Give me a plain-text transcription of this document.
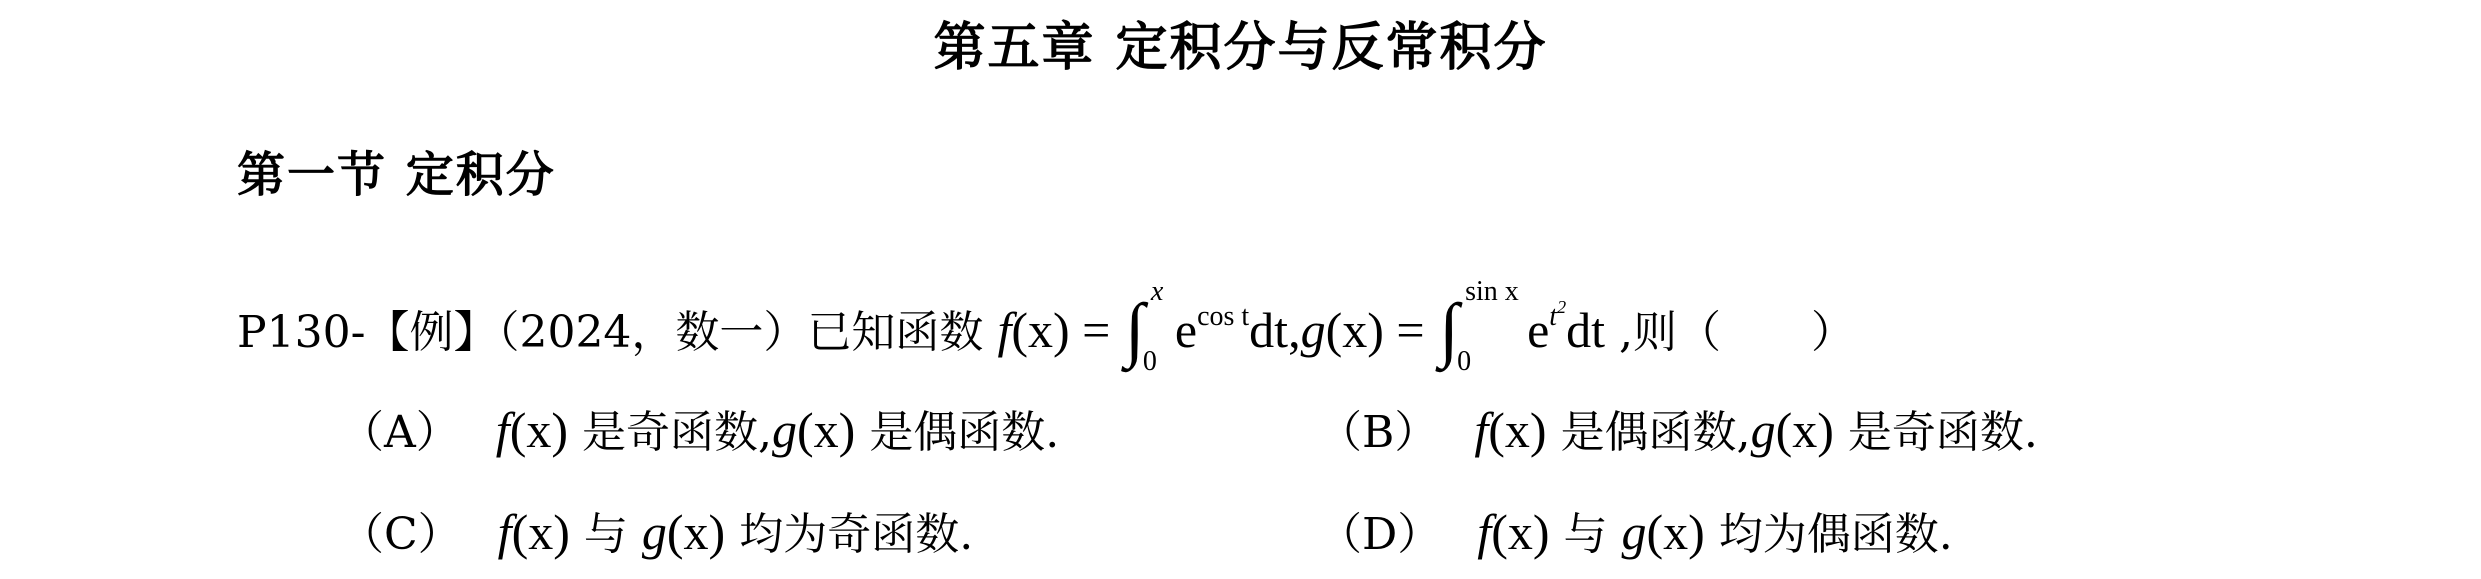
第五章 定积分与反常积分
第一节 定积分
P130-【例】（2024，数一）已知函数 f(x) = ∫ x
0
$e^{cos t}dt,g(x)$ = ∫ sin x
0
$e^{t^2}dt$ ,则（ ）
（A） f(x) 是奇函数,g(x) 是偶函数.	（B） f(x) 是偶函数,g(x) 是奇函数.
（C） f(x) 与 g(x) 均为奇函数.	（D） f(x) 与 g(x) 均为偶函数.
